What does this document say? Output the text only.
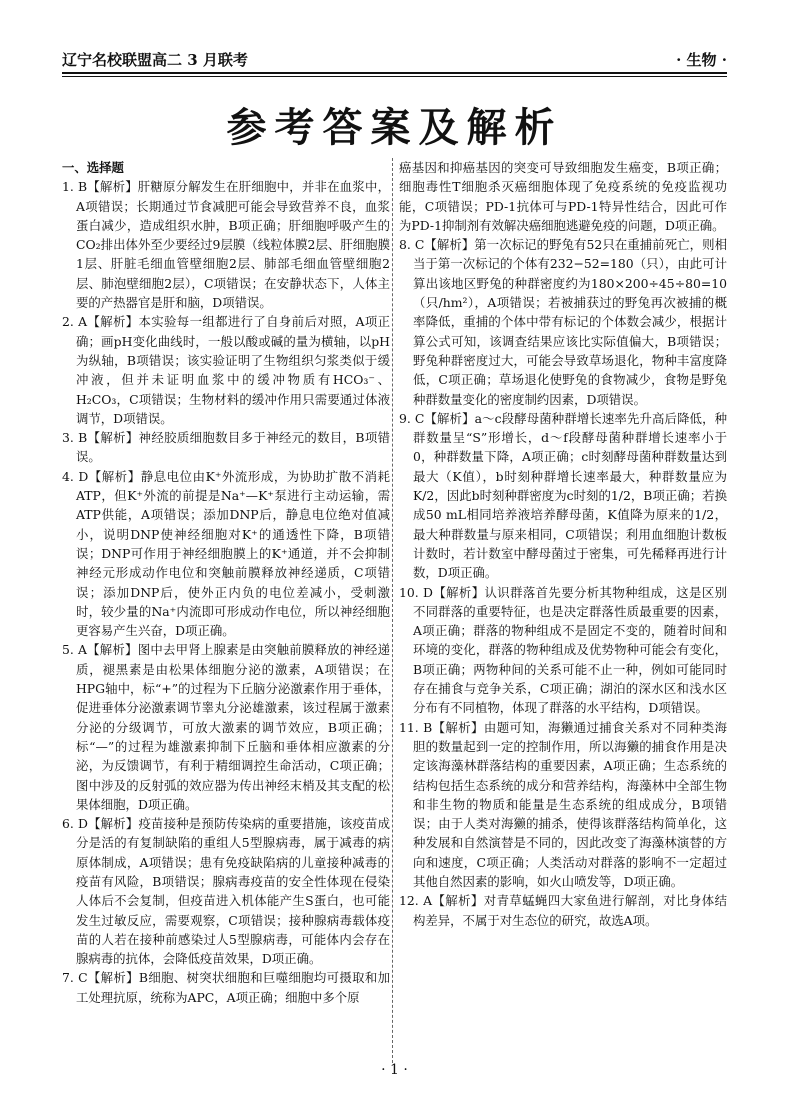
辽宁名校联盟高二 3 月联考	· 生物 ·
参考答案及解析
一、选择题

1. B【解析】肝糖原分解发生在肝细胞中，并非在血浆中，A项错误；长期通过节食减肥可能会导致营养不良，血浆蛋白减少，造成组织水肿，B项正确；肝细胞呼吸产生的CO₂排出体外至少要经过9层膜（线粒体膜2层、肝细胞膜1层、肝脏毛细血管壁细胞2层、肺部毛细血管壁细胞2层、肺泡壁细胞2层），C项错误；在安静状态下，人体主要的产热器官是肝和脑，D项错误。

2. A【解析】本实验每一组都进行了自身前后对照，A项正确；画pH变化曲线时，一般以酸或碱的量为横轴，以pH为纵轴，B项错误；该实验证明了生物组织匀浆类似于缓冲液，但并未证明血浆中的缓冲物质有HCO₃⁻、H₂CO₃，C项错误；生物材料的缓冲作用只需要通过体液调节，D项错误。

3. B【解析】神经胶质细胞数目多于神经元的数目，B项错误。

4. D【解析】静息电位由K⁺外流形成，为协助扩散不消耗ATP，但K⁺外流的前提是Na⁺—K⁺泵进行主动运输，需ATP供能，A项错误；添加DNP后，静息电位绝对值减小，说明DNP使神经细胞对K⁺的通透性下降，B项错误；DNP可作用于神经细胞膜上的K⁺通道，并不会抑制神经元形成动作电位和突触前膜释放神经递质，C项错误；添加DNP后，使外正内负的电位差减小，受刺激时，较少量的Na⁺内流即可形成动作电位，所以神经细胞更容易产生兴奋，D项正确。

5. A【解析】图中去甲肾上腺素是由突触前膜释放的神经递质，褪黑素是由松果体细胞分泌的激素，A项错误；在HPG轴中，标“+”的过程为下丘脑分泌激素作用于垂体，促进垂体分泌激素调节睾丸分泌雄激素，该过程属于激素分泌的分级调节，可放大激素的调节效应，B项正确；标“—”的过程为雄激素抑制下丘脑和垂体相应激素的分泌，为反馈调节，有利于精细调控生命活动，C项正确；图中涉及的反射弧的效应器为传出神经末梢及其支配的松果体细胞，D项正确。

6. D【解析】疫苗接种是预防传染病的重要措施，该疫苗成分是活的有复制缺陷的重组人5型腺病毒，属于减毒的病原体制成，A项错误；患有免疫缺陷病的儿童接种减毒的疫苗有风险，B项错误；腺病毒疫苗的安全性体现在侵染人体后不会复制，但疫苗进入机体能产生S蛋白，也可能发生过敏反应，需要观察，C项错误；接种腺病毒载体疫苗的人若在接种前感染过人5型腺病毒，可能体内会存在腺病毒的抗体，会降低疫苗效果，D项正确。

7. C【解析】B细胞、树突状细胞和巨噬细胞均可摄取和加工处理抗原，统称为APC，A项正确；细胞中多个原

癌基因和抑癌基因的突变可导致细胞发生癌变，B项正确；细胞毒性T细胞杀灭癌细胞体现了免疫系统的免疫监视功能，C项错误；PD-1抗体可与PD-1特异性结合，因此可作为PD-1抑制剂有效解决癌细胞逃避免疫的问题，D项正确。

8. C【解析】第一次标记的野兔有52只在重捕前死亡，则相当于第一次标记的个体有232−52=180（只），由此可计算出该地区野兔的种群密度约为180×200÷45÷80=10（只/hm²），A项错误；若被捕获过的野兔再次被捕的概率降低，重捕的个体中带有标记的个体数会减少，根据计算公式可知，该调查结果应该比实际值偏大，B项错误；野兔种群密度过大，可能会导致草场退化，物种丰富度降低，C项正确；草场退化使野兔的食物减少，食物是野兔种群数量变化的密度制约因素，D项错误。

9. C【解析】a～c段酵母菌种群增长速率先升高后降低，种群数量呈“S”形增长，d～f段酵母菌种群增长速率小于0，种群数量下降，A项正确；c时刻酵母菌种群数量达到最大（K值），b时刻种群增长速率最大，种群数量应为K/2，因此b时刻种群密度为c时刻的1/2，B项正确；若换成50 mL相同培养液培养酵母菌，K值降为原来的1/2，最大种群数量与原来相同，C项错误；利用血细胞计数板计数时，若计数室中酵母菌过于密集，可先稀释再进行计数，D项正确。

10. D【解析】认识群落首先要分析其物种组成，这是区别不同群落的重要特征，也是决定群落性质最重要的因素，A项正确；群落的物种组成不是固定不变的，随着时间和环境的变化，群落的物种组成及优势物种可能会有变化，B项正确；两物种间的关系可能不止一种，例如可能同时存在捕食与竞争关系，C项正确；湖泊的深水区和浅水区分布有不同植物，体现了群落的水平结构，D项错误。

11. B【解析】由题可知，海獭通过捕食关系对不同种类海胆的数量起到一定的控制作用，所以海獭的捕食作用是决定该海藻林群落结构的重要因素，A项正确；生态系统的结构包括生态系统的成分和营养结构，海藻林中全部生物和非生物的物质和能量是生态系统的组成成分，B项错误；由于人类对海獭的捕杀，使得该群落结构简单化，这种发展和自然演替是不同的，因此改变了海藻林演替的方向和速度，C项正确；人类活动对群落的影响不一定超过其他自然因素的影响，如火山喷发等，D项正确。

12. A【解析】对青草蜢蝇四大家鱼进行解剖，对比身体结构差异，不属于对生态位的研究，故选A项。

· 1 ·
